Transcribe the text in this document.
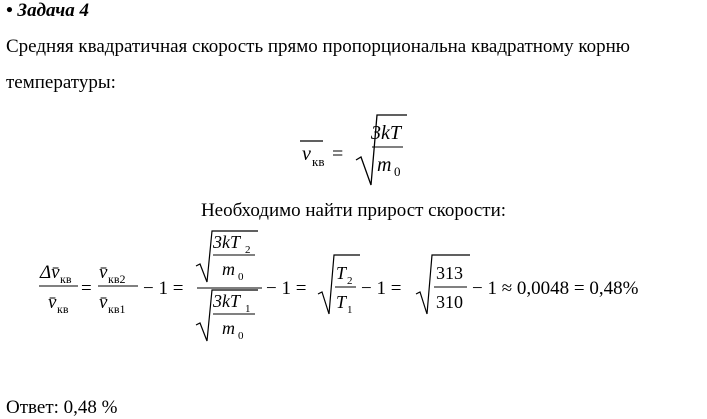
• Задача 4
Средняя квадратичная скорость прямо пропорциональна квадратному корню
температуры:
v кв =
3kT
m 0
Необходимо найти прирост скорости:
Δv̄ кв
v̄ кв
=
v̄ кв2
v̄ кв1
− 1 =
3kT 2
m 0
3kT 1
m 0
− 1 =
T 2
T 1
− 1 =
313
310
− 1 ≈ 0,0048 = 0,48%
Ответ: 0,48 %
